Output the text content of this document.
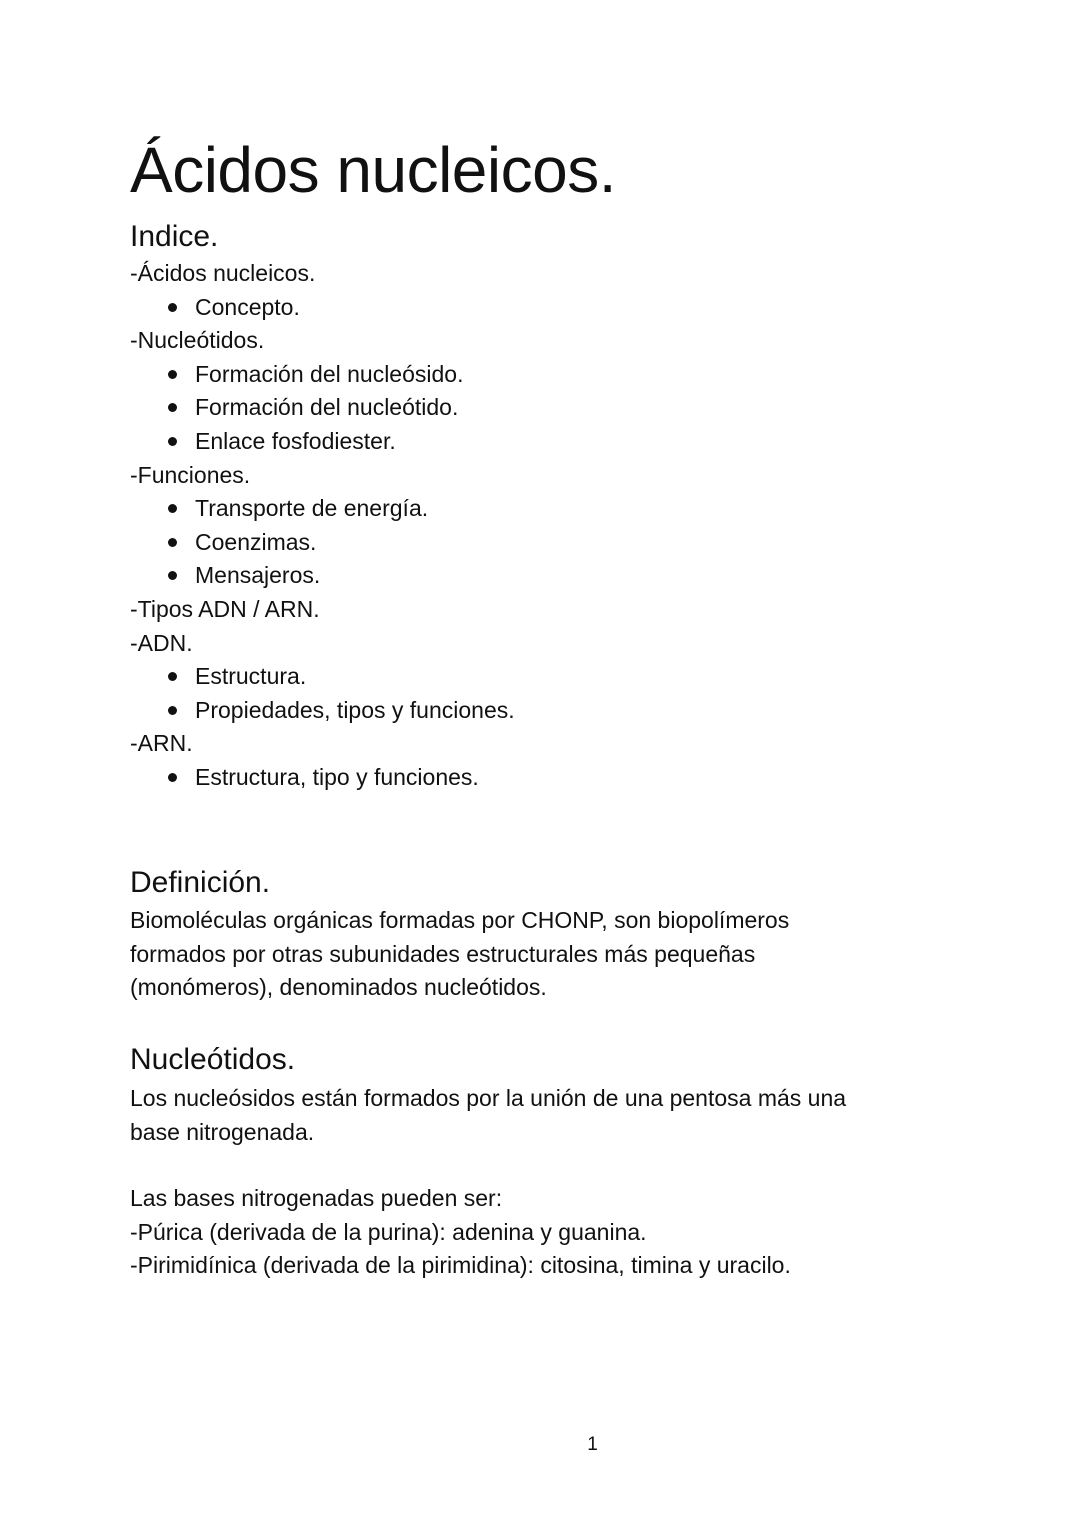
Ácidos nucleicos.
Indice.
-Ácidos nucleicos.
Concepto.
-Nucleótidos.
Formación del nucleósido.
Formación del nucleótido.
Enlace fosfodiester.
-Funciones.
Transporte de energía.
Coenzimas.
Mensajeros.
-Tipos ADN / ARN.
-ADN.
Estructura.
Propiedades, tipos y funciones.
-ARN.
Estructura, tipo y funciones.
Definición.

Biomoléculas orgánicas formadas por CHONP, son biopolímeros

formados por otras subunidades estructurales más pequeñas

(monómeros), denominados nucleótidos.

Nucleótidos.

Los nucleósidos están formados por la unión de una pentosa más una

base nitrogenada.

Las bases nitrogenadas pueden ser:

-Púrica (derivada de la purina): adenina y guanina.

-Pirimidínica (derivada de la pirimidina): citosina, timina y uracilo.

1
